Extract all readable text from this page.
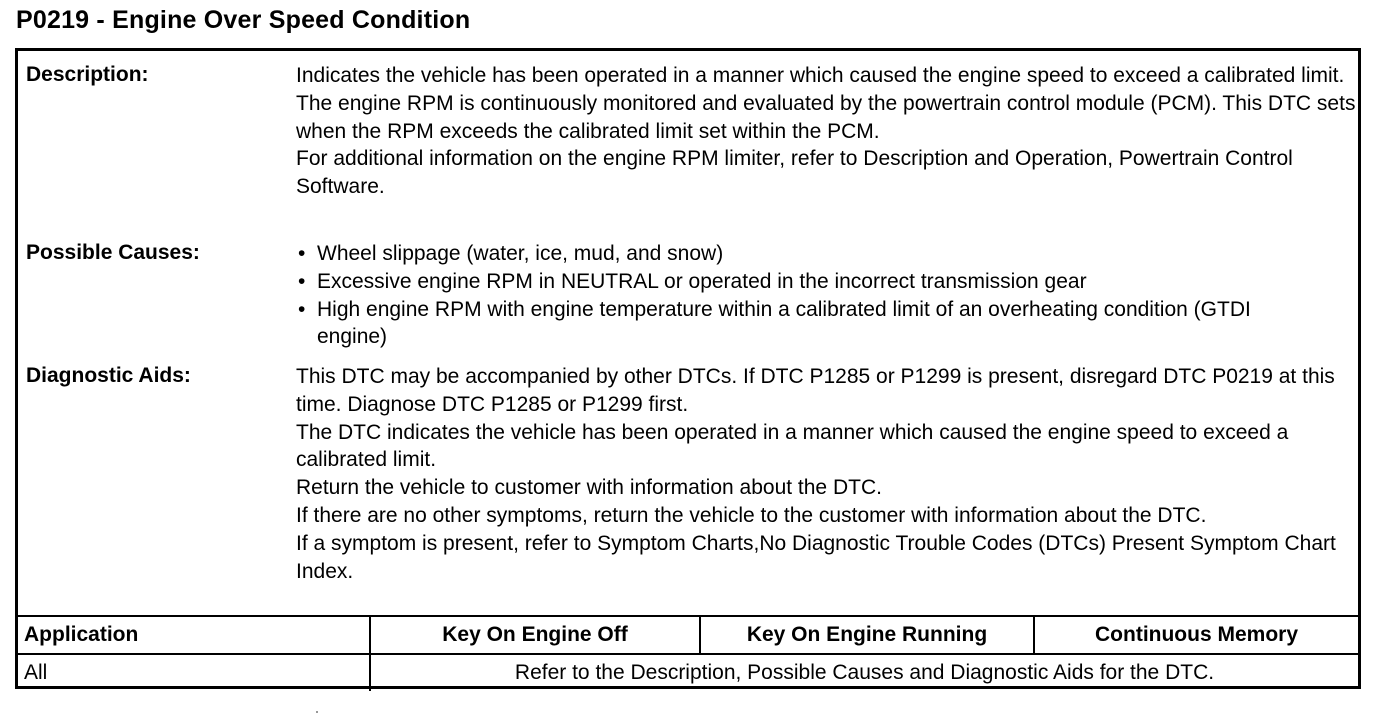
P0219 - Engine Over Speed Condition
Description:	Indicates the vehicle has been operated in a manner which caused the engine speed to exceed a calibrated limit. The engine RPM is continuously monitored and evaluated by the powertrain control module (PCM). This DTC sets when the RPM exceeds the calibrated limit set within the PCM.

For additional information on the engine RPM limiter, refer to Description and Operation, Powertrain Control Software.

Possible Causes:	• Wheel slippage (water, ice, mud, and snow)
• Excessive engine RPM in NEUTRAL or operated in the incorrect transmission gear
• High engine RPM with engine temperature within a calibrated limit of an overheating condition (GTDI engine)
Diagnostic Aids:	This DTC may be accompanied by other DTCs. If DTC P1285 or P1299 is present, disregard DTC P0219 at this time. Diagnose DTC P1285 or P1299 first.

The DTC indicates the vehicle has been operated in a manner which caused the engine speed to exceed a calibrated limit.

Return the vehicle to customer with information about the DTC.

If there are no other symptoms, return the vehicle to the customer with information about the DTC.

If a symptom is present, refer to Symptom Charts,No Diagnostic Trouble Codes (DTCs) Present Symptom Chart Index.

Application	Key On Engine Off	Key On Engine Running	Continuous Memory
All	Refer to the Description, Possible Causes and Diagnostic Aids for the DTC.
